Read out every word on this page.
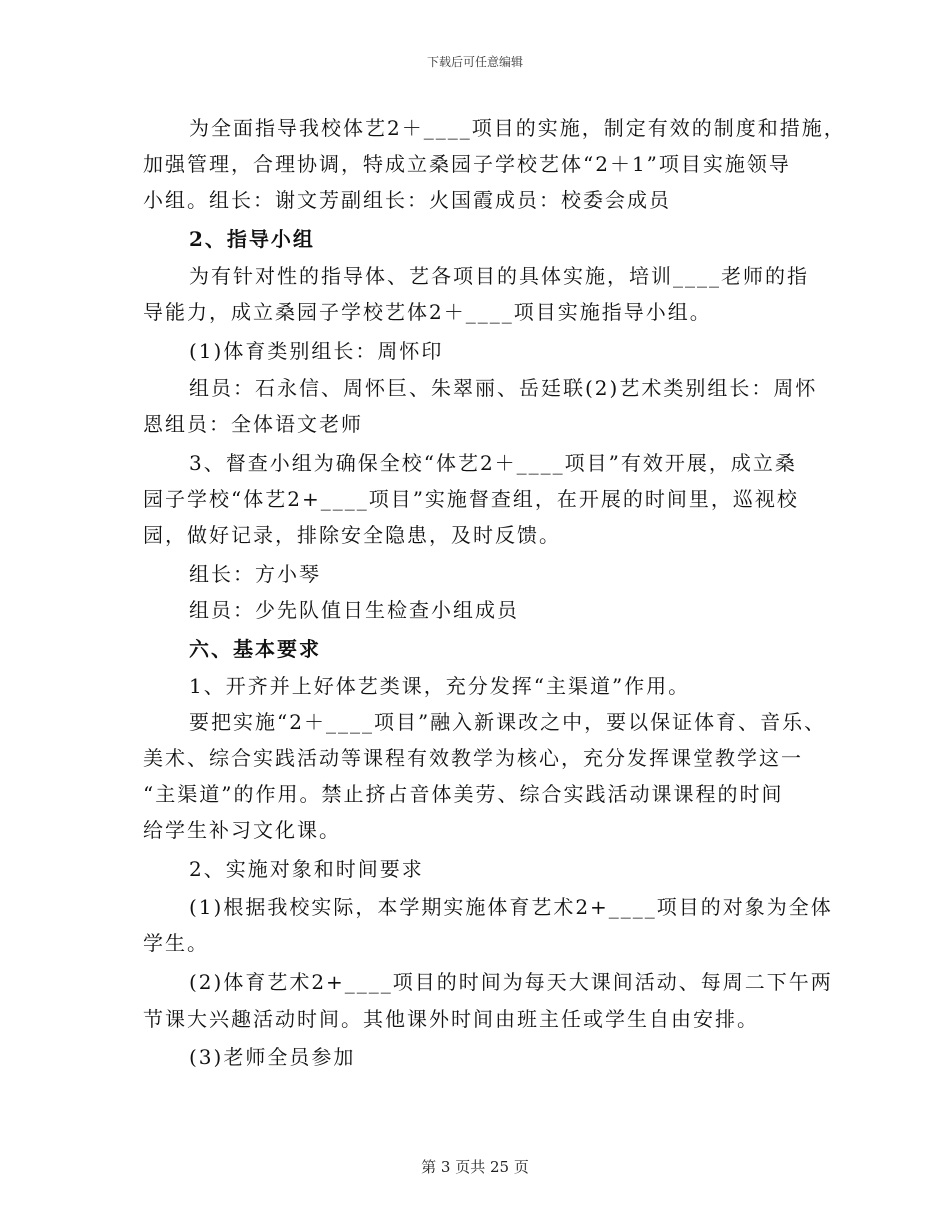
下载后可任意编辑
为全面指导我校体艺2＋____项目的实施，制定有效的制度和措施，
加强管理，合理协调，特成立桑园子学校艺体“2＋1”项目实施领导
小组。组长：谢文芳副组长：火国霞成员：校委会成员
2、指导小组
为有针对性的指导体、艺各项目的具体实施，培训____老师的指
导能力，成立桑园子学校艺体2＋____项目实施指导小组。
(1)体育类别组长：周怀印
组员：石永信、周怀巨、朱翠丽、岳廷联(2)艺术类别组长：周怀
恩组员：全体语文老师
3、督查小组为确保全校“体艺2＋____项目”有效开展，成立桑
园子学校“体艺2+____项目”实施督查组，在开展的时间里，巡视校
园，做好记录，排除安全隐患，及时反馈。
组长：方小琴
组员：少先队值日生检查小组成员
六、基本要求
1、开齐并上好体艺类课，充分发挥“主渠道”作用。
要把实施“2＋____项目”融入新课改之中，要以保证体育、音乐、
美术、综合实践活动等课程有效教学为核心，充分发挥课堂教学这一
“主渠道”的作用。禁止挤占音体美劳、综合实践活动课课程的时间
给学生补习文化课。
2、实施对象和时间要求
(1)根据我校实际，本学期实施体育艺术2+____项目的对象为全体
学生。
(2)体育艺术2+____项目的时间为每天大课间活动、每周二下午两
节课大兴趣活动时间。其他课外时间由班主任或学生自由安排。
(3)老师全员参加
第 3 页共 25 页
